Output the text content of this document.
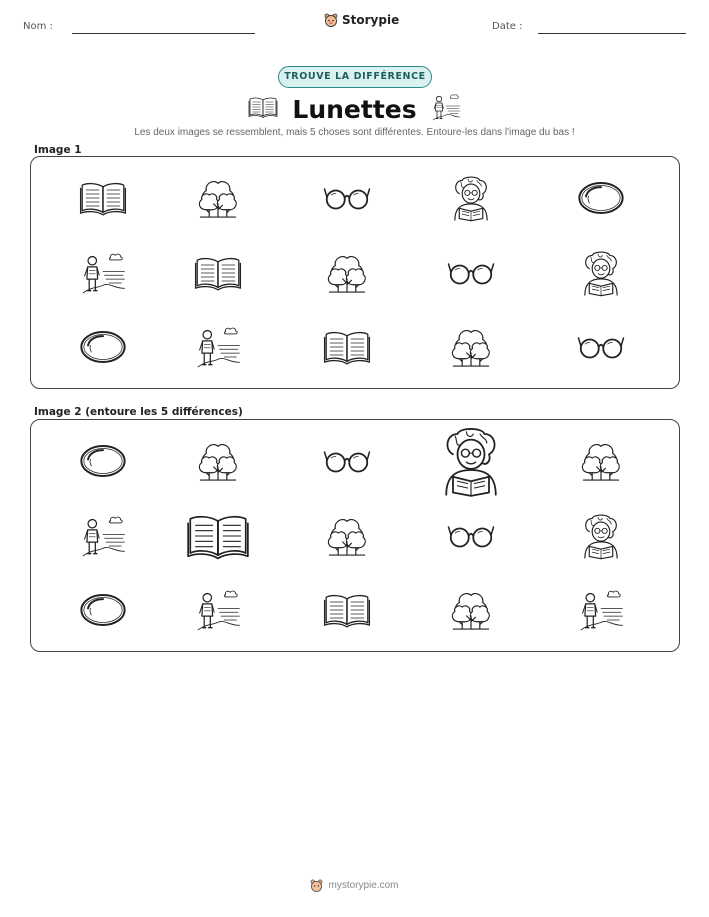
Nom :	Storypie	Date :
TROUVE LA DIFFÉRENCE
Lunettes
Les deux images se ressemblent, mais 5 choses sont différentes. Entoure-les dans l'image du bas !
Image 1
Image 2 (entoure les 5 différences)
mystorypie.com
